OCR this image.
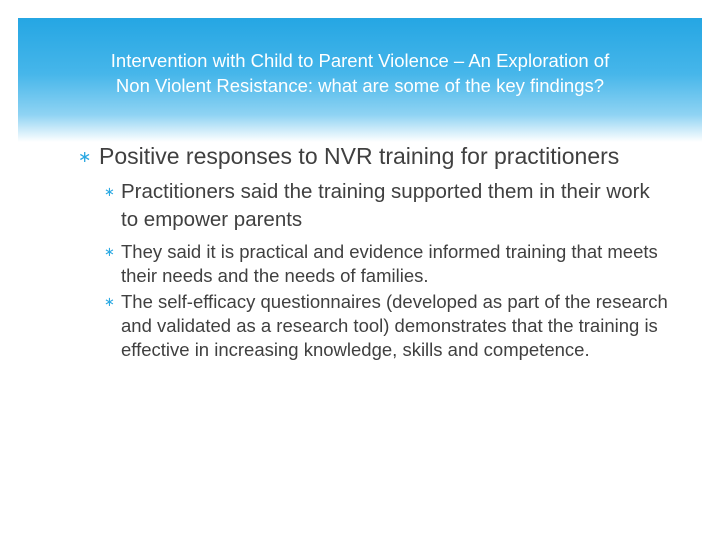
Intervention with Child to Parent Violence – An Exploration of
Non Violent Resistance: what are some of the key findings?
∗ Positive responses to NVR training for practitioners
∗ Practitioners said the training supported them in their work to empower parents
∗ They said it is practical and evidence informed training that meets their needs and the needs of families.
∗ The self-efficacy questionnaires (developed as part of the research and validated as a research tool) demonstrates that the training is effective in increasing knowledge, skills and competence.
